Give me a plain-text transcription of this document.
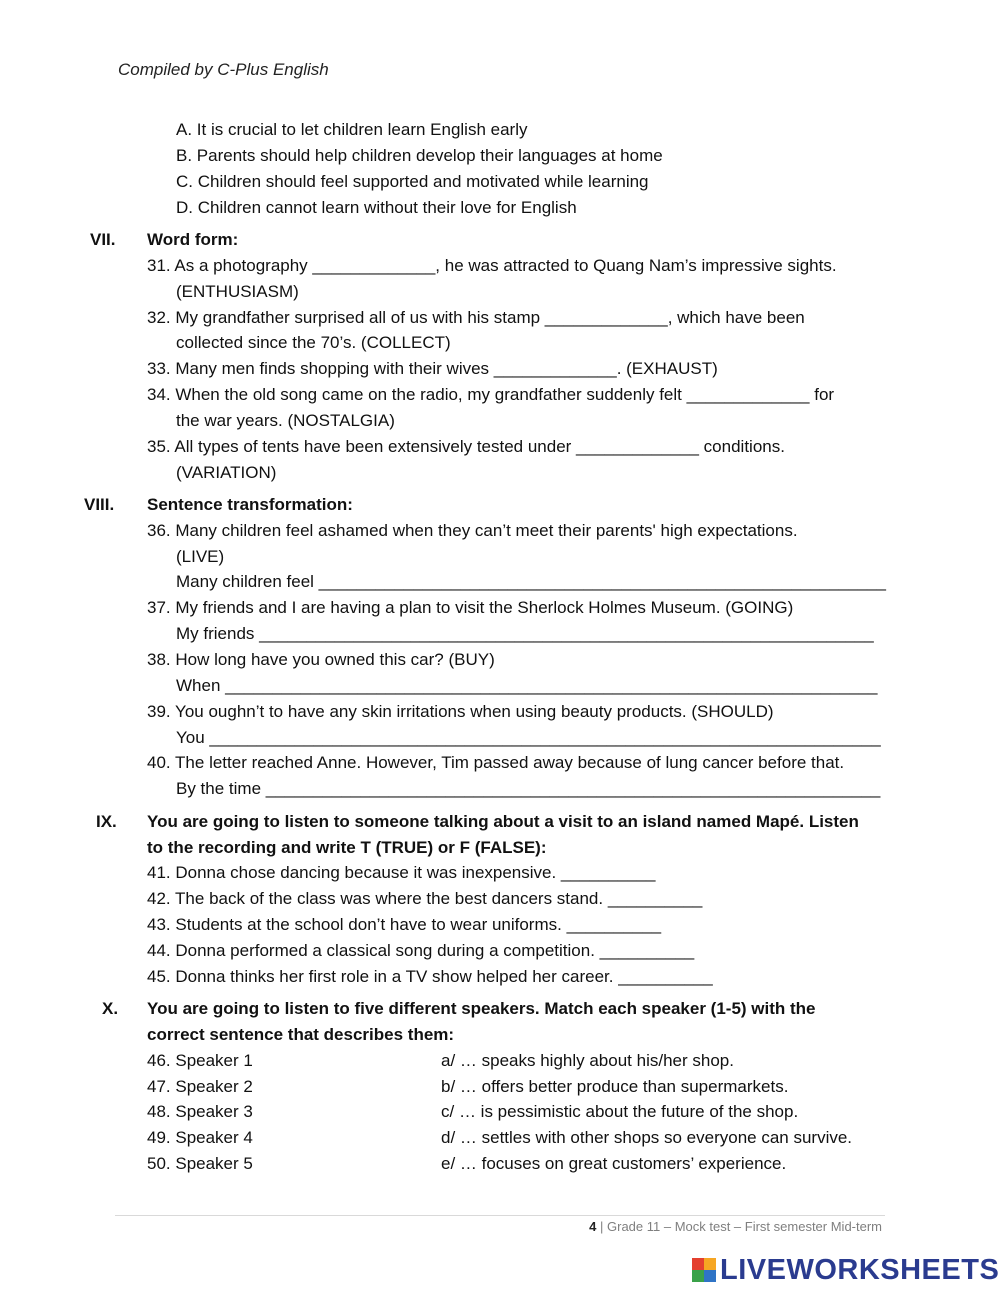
Compiled by C-Plus English
A. It is crucial to let children learn English early
B. Parents should help children develop their languages at home
C. Children should feel supported and motivated while learning
D. Children cannot learn without their love for English
VII. Word form:
31. As a photography _____________, he was attracted to Quang Nam’s impressive sights.
(ENTHUSIASM)
32. My grandfather surprised all of us with his stamp _____________, which have been
collected since the 70’s. (COLLECT)
33. Many men finds shopping with their wives _____________. (EXHAUST)
34. When the old song came on the radio, my grandfather suddenly felt _____________ for
the war years. (NOSTALGIA)
35. All types of tents have been extensively tested under _____________ conditions.
(VARIATION)
VIII. Sentence transformation:
36. Many children feel ashamed when they can’t meet their parents' high expectations.
(LIVE)
Many children feel ____________________________________________________________
37. My friends and I are having a plan to visit the Sherlock Holmes Museum. (GOING)
My friends _________________________________________________________________
38. How long have you owned this car? (BUY)
When _____________________________________________________________________
39. You oughn’t to have any skin irritations when using beauty products. (SHOULD)
You _______________________________________________________________________
40. The letter reached Anne. However, Tim passed away because of lung cancer before that.
By the time _________________________________________________________________
IX. You are going to listen to someone talking about a visit to an island named Mapé. Listen
to the recording and write T (TRUE) or F (FALSE):
41. Donna chose dancing because it was inexpensive. __________
42. The back of the class was where the best dancers stand. __________
43. Students at the school don’t have to wear uniforms. __________
44. Donna performed a classical song during a competition. __________
45. Donna thinks her first role in a TV show helped her career. __________
X. You are going to listen to five different speakers. Match each speaker (1-5) with the
correct sentence that describes them:
46. Speaker 1
47. Speaker 2
48. Speaker 3
49. Speaker 4
50. Speaker 5
a/ … speaks highly about his/her shop.
b/ … offers better produce than supermarkets.
c/ … is pessimistic about the future of the shop.
d/ … settles with other shops so everyone can survive.
e/ … focuses on great customers’ experience.
4 | Grade 11 – Mock test – First semester Mid-term
LIVEWORKSHEETS
